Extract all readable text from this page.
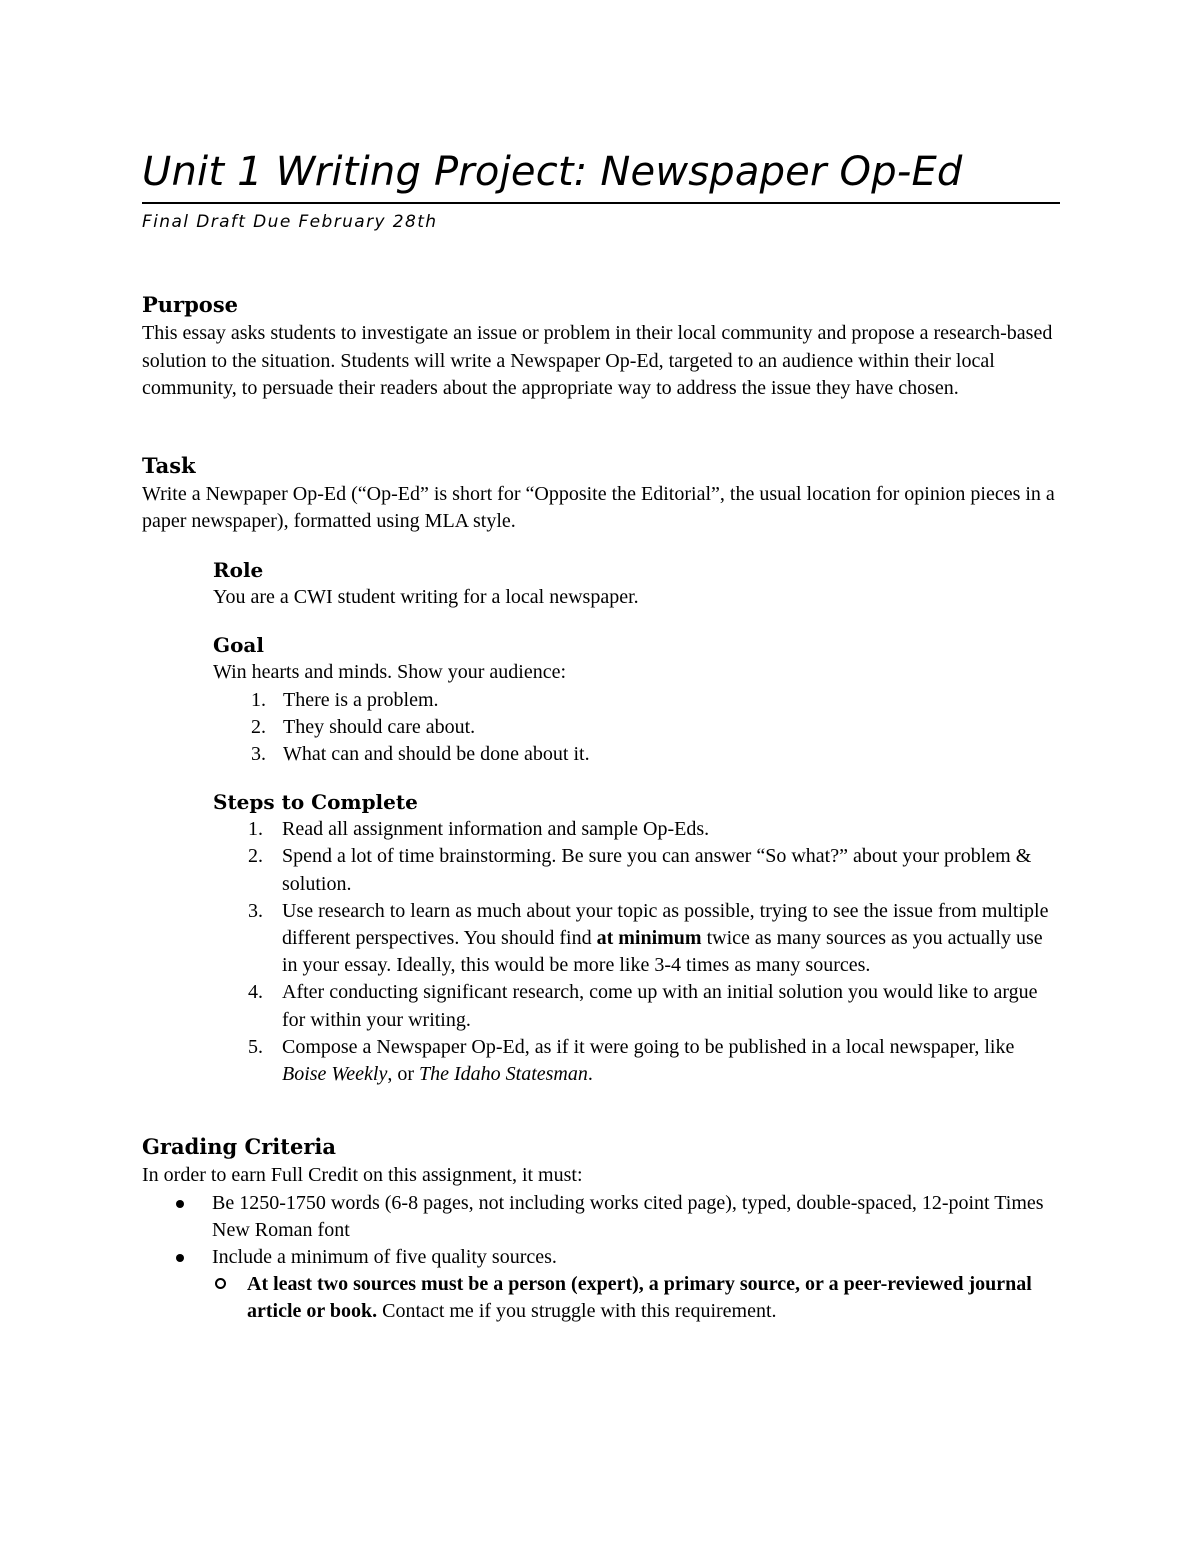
Unit 1 Writing Project: Newspaper Op-Ed
Final Draft Due February 28th
Purpose

This essay asks students to investigate an issue or problem in their local community and propose a research-based solution to the situation. Students will write a Newspaper Op-Ed, targeted to an audience within their local community, to persuade their readers about the appropriate way to address the issue they have chosen.

Task

Write a Newpaper Op-Ed (“Op-Ed” is short for “Opposite the Editorial”, the usual location for opinion pieces in a paper newspaper), formatted using MLA style.

Role

You are a CWI student writing for a local newspaper.

Goal

Win hearts and minds. Show your audience:

1. There is a problem.
2. They should care about.
3. What can and should be done about it.
Steps to Complete
1. Read all assignment information and sample Op-Eds.
2. Spend a lot of time brainstorming. Be sure you can answer “So what?” about your problem & solution.
3. Use research to learn as much about your topic as possible, trying to see the issue from multiple different perspectives. You should find at minimum twice as many sources as you actually use in your essay. Ideally, this would be more like 3-4 times as many sources.
4. After conducting significant research, come up with an initial solution you would like to argue for within your writing.
5. Compose a Newspaper Op-Ed, as if it were going to be published in a local newspaper, like Boise Weekly, or The Idaho Statesman.
Grading Criteria

In order to earn Full Credit on this assignment, it must:

Be 1250-1750 words (6-8 pages, not including works cited page), typed, double-spaced, 12-point Times New Roman font
Include a minimum of five quality sources.
At least two sources must be a person (expert), a primary source, or a peer-reviewed journal article or book. Contact me if you struggle with this requirement.
